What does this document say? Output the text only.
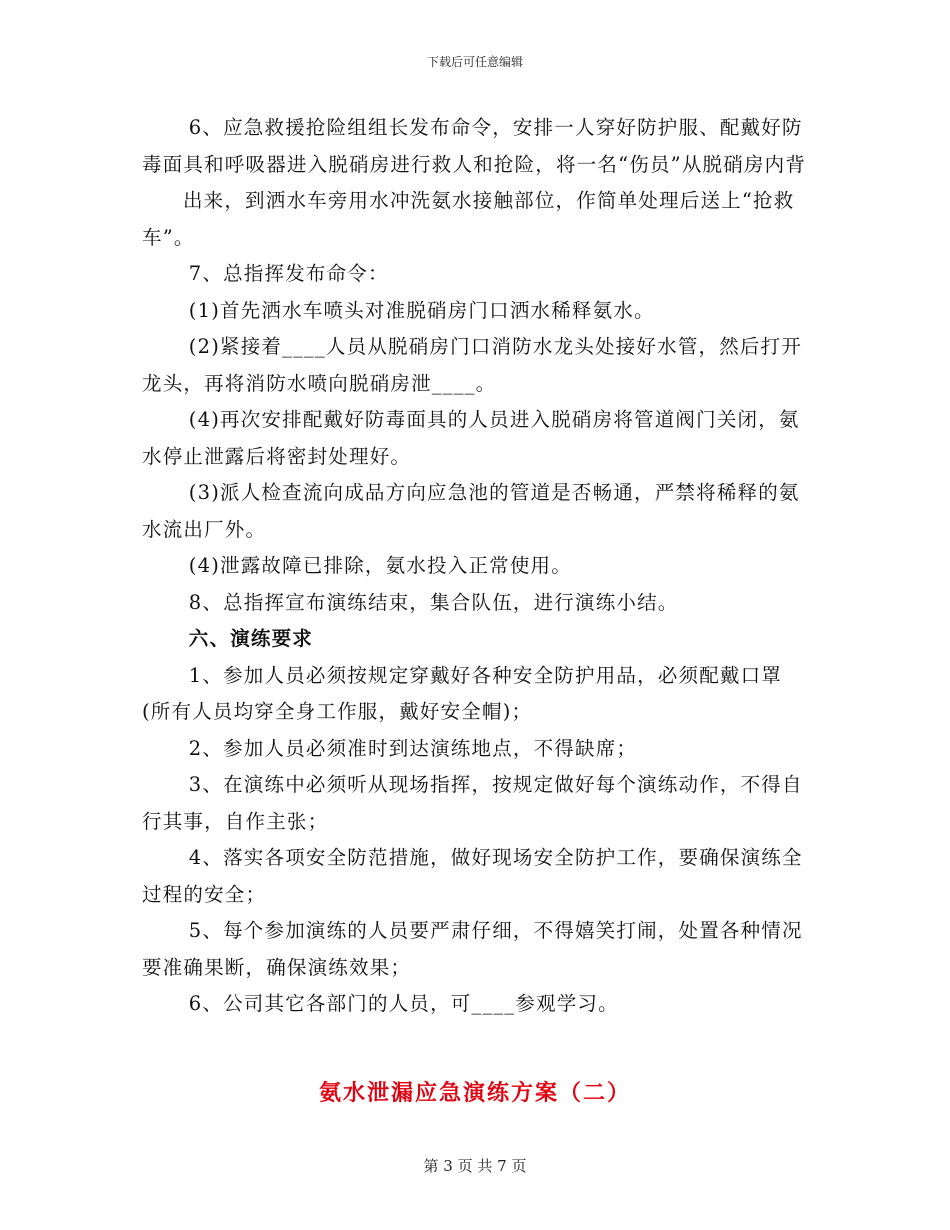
下载后可任意编辑

6、应急救援抢险组组长发布命令，安排一人穿好防护服、配戴好防毒面具和呼吸器进入脱硝房进行救人和抢险，将一名“伤员”从脱硝房内背

出来，到洒水车旁用水冲洗氨水接触部位，作简单处理后送上“抢救车”。

7、总指挥发布命令：

(1)首先洒水车喷头对准脱硝房门口洒水稀释氨水。

(2)紧接着____人员从脱硝房门口消防水龙头处接好水管，然后打开龙头，再将消防水喷向脱硝房泄____。

(4)再次安排配戴好防毒面具的人员进入脱硝房将管道阀门关闭，氨水停止泄露后将密封处理好。

(3)派人检查流向成品方向应急池的管道是否畅通，严禁将稀释的氨水流出厂外。

(4)泄露故障已排除，氨水投入正常使用。

8、总指挥宣布演练结束，集合队伍，进行演练小结。

六、演练要求

1、参加人员必须按规定穿戴好各种安全防护用品，必须配戴口罩(所有人员均穿全身工作服，戴好安全帽)；

2、参加人员必须准时到达演练地点，不得缺席；

3、在演练中必须听从现场指挥，按规定做好每个演练动作，不得自行其事，自作主张；

4、落实各项安全防范措施，做好现场安全防护工作，要确保演练全过程的安全；

5、每个参加演练的人员要严肃仔细，不得嬉笑打闹，处置各种情况要准确果断，确保演练效果；

6、公司其它各部门的人员，可____参观学习。

氨水泄漏应急演练方案（二）
第 3 页 共 7 页
